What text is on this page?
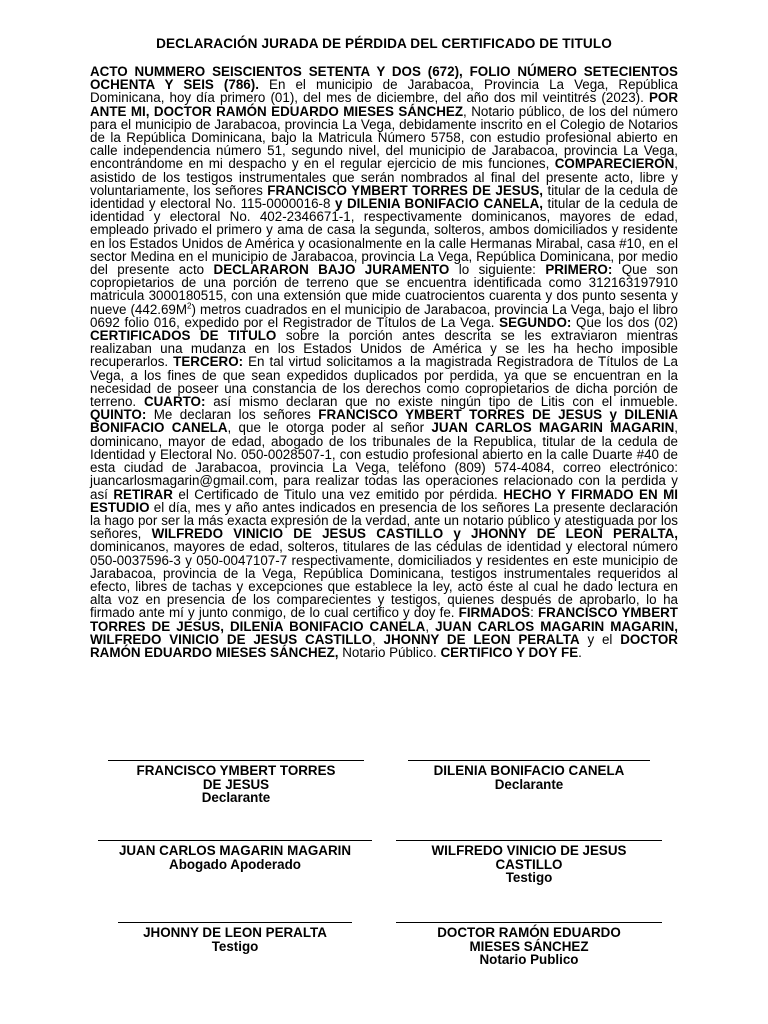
DECLARACIÓN JURADA DE PÉRDIDA DEL CERTIFICADO DE TITULO

ACTO NUMMERO SEISCIENTOS SETENTA Y DOS (672), FOLIO NÚMERO SETECIENTOS OCHENTA Y SEIS (786). En el municipio de Jarabacoa, Provincia La Vega, República Dominicana, hoy día primero (01), del mes de diciembre, del año dos mil veintitrés (2023). POR ANTE MI, DOCTOR RAMÓN EDUARDO MIESES SÁNCHEZ, Notario público, de los del número para el municipio de Jarabacoa, provincia La Vega, debidamente inscrito en el Colegio de Notarios de la República Dominicana, bajo la Matricula Número 5758, con estudio profesional abierto en calle independencia número 51, segundo nivel, del municipio de Jarabacoa, provincia La Vega, encontrándome en mi despacho y en el regular ejercicio de mis funciones, COMPARECIERON, asistido de los testigos instrumentales que serán nombrados al final del presente acto, libre y voluntariamente, los señores FRANCISCO YMBERT TORRES DE JESUS, titular de la cedula de identidad y electoral No. 115-0000016-8 y DILENIA BONIFACIO CANELA, titular de la cedula de identidad y electoral No. 402-2346671-1, respectivamente dominicanos, mayores de edad, empleado privado el primero y ama de casa la segunda, solteros, ambos domiciliados y residente en los Estados Unidos de América y ocasionalmente en la calle Hermanas Mirabal, casa #10, en el sector Medina en el municipio de Jarabacoa, provincia La Vega, República Dominicana, por medio del presente acto DECLARARON BAJO JURAMENTO lo siguiente: PRIMERO: Que son copropietarios de una porción de terreno que se encuentra identificada como 312163197910 matricula 3000180515, con una extensión que mide cuatrocientos cuarenta y dos punto sesenta y nueve $(442.69M^2)$ metros cuadrados en el municipio de Jarabacoa, provincia La Vega, bajo el libro 0692 folio 016, expedido por el Registrador de Títulos de La Vega. SEGUNDO: Que los dos (02) CERTIFICADOS DE TITULO sobre la porción antes descrita se les extraviaron mientras realizaban una mudanza en los Estados Unidos de América y se les ha hecho imposible recuperarlos. TERCERO: En tal virtud solicitamos a la magistrada Registradora de Títulos de La Vega, a los fines de que sean expedidos duplicados por perdida, ya que se encuentran en la necesidad de poseer una constancia de los derechos como copropietarios de dicha porción de terreno. CUARTO: así mismo declaran que no existe ningún tipo de Litis con el inmueble. QUINTO: Me declaran los señores FRANCISCO YMBERT TORRES DE JESUS y DILENIA BONIFACIO CANELA, que le otorga poder al señor JUAN CARLOS MAGARIN MAGARIN, dominicano, mayor de edad, abogado de los tribunales de la Republica, titular de la cedula de Identidad y Electoral No. 050-0028507-1, con estudio profesional abierto en la calle Duarte #40 de esta ciudad de Jarabacoa, provincia La Vega, teléfono (809) 574-4084, correo electrónico: juancarlosmagarin@gmail.com, para realizar todas las operaciones relacionado con la perdida y así RETIRAR el Certificado de Titulo una vez emitido por pérdida. HECHO Y FIRMADO EN MI ESTUDIO el día, mes y año antes indicados en presencia de los señores La presente declaración la hago por ser la más exacta expresión de la verdad, ante un notario público y atestiguada por los señores, WILFREDO VINICIO DE JESUS CASTILLO y JHONNY DE LEON PERALTA, dominicanos, mayores de edad, solteros, titulares de las cédulas de identidad y electoral número 050-0037596-3 y 050-0047107-7 respectivamente, domiciliados y residentes en este municipio de Jarabacoa, provincia de la Vega, República Dominicana, testigos instrumentales requeridos al efecto, libres de tachas y excepciones que establece la ley, acto éste al cual he dado lectura en alta voz en presencia de los comparecientes y testigos, quienes después de aprobarlo, lo ha firmado ante mí y junto conmigo, de lo cual certifico y doy fe. FIRMADOS: FRANCISCO YMBERT TORRES DE JESUS, DILENIA BONIFACIO CANELA, JUAN CARLOS MAGARIN MAGARIN, WILFREDO VINICIO DE JESUS CASTILLO, JHONNY DE LEON PERALTA y el DOCTOR RAMÓN EDUARDO MIESES SÁNCHEZ, Notario Público. CERTIFICO Y DOY FE.

FRANCISCO YMBERT TORRES DE JESUS
Declarante
DILENIA BONIFACIO CANELA
Declarante
JUAN CARLOS MAGARIN MAGARIN
Abogado Apoderado
WILFREDO VINICIO DE JESUS CASTILLO
Testigo
JHONNY DE LEON PERALTA
Testigo
DOCTOR RAMÓN EDUARDO MIESES SÁNCHEZ
Notario Publico
